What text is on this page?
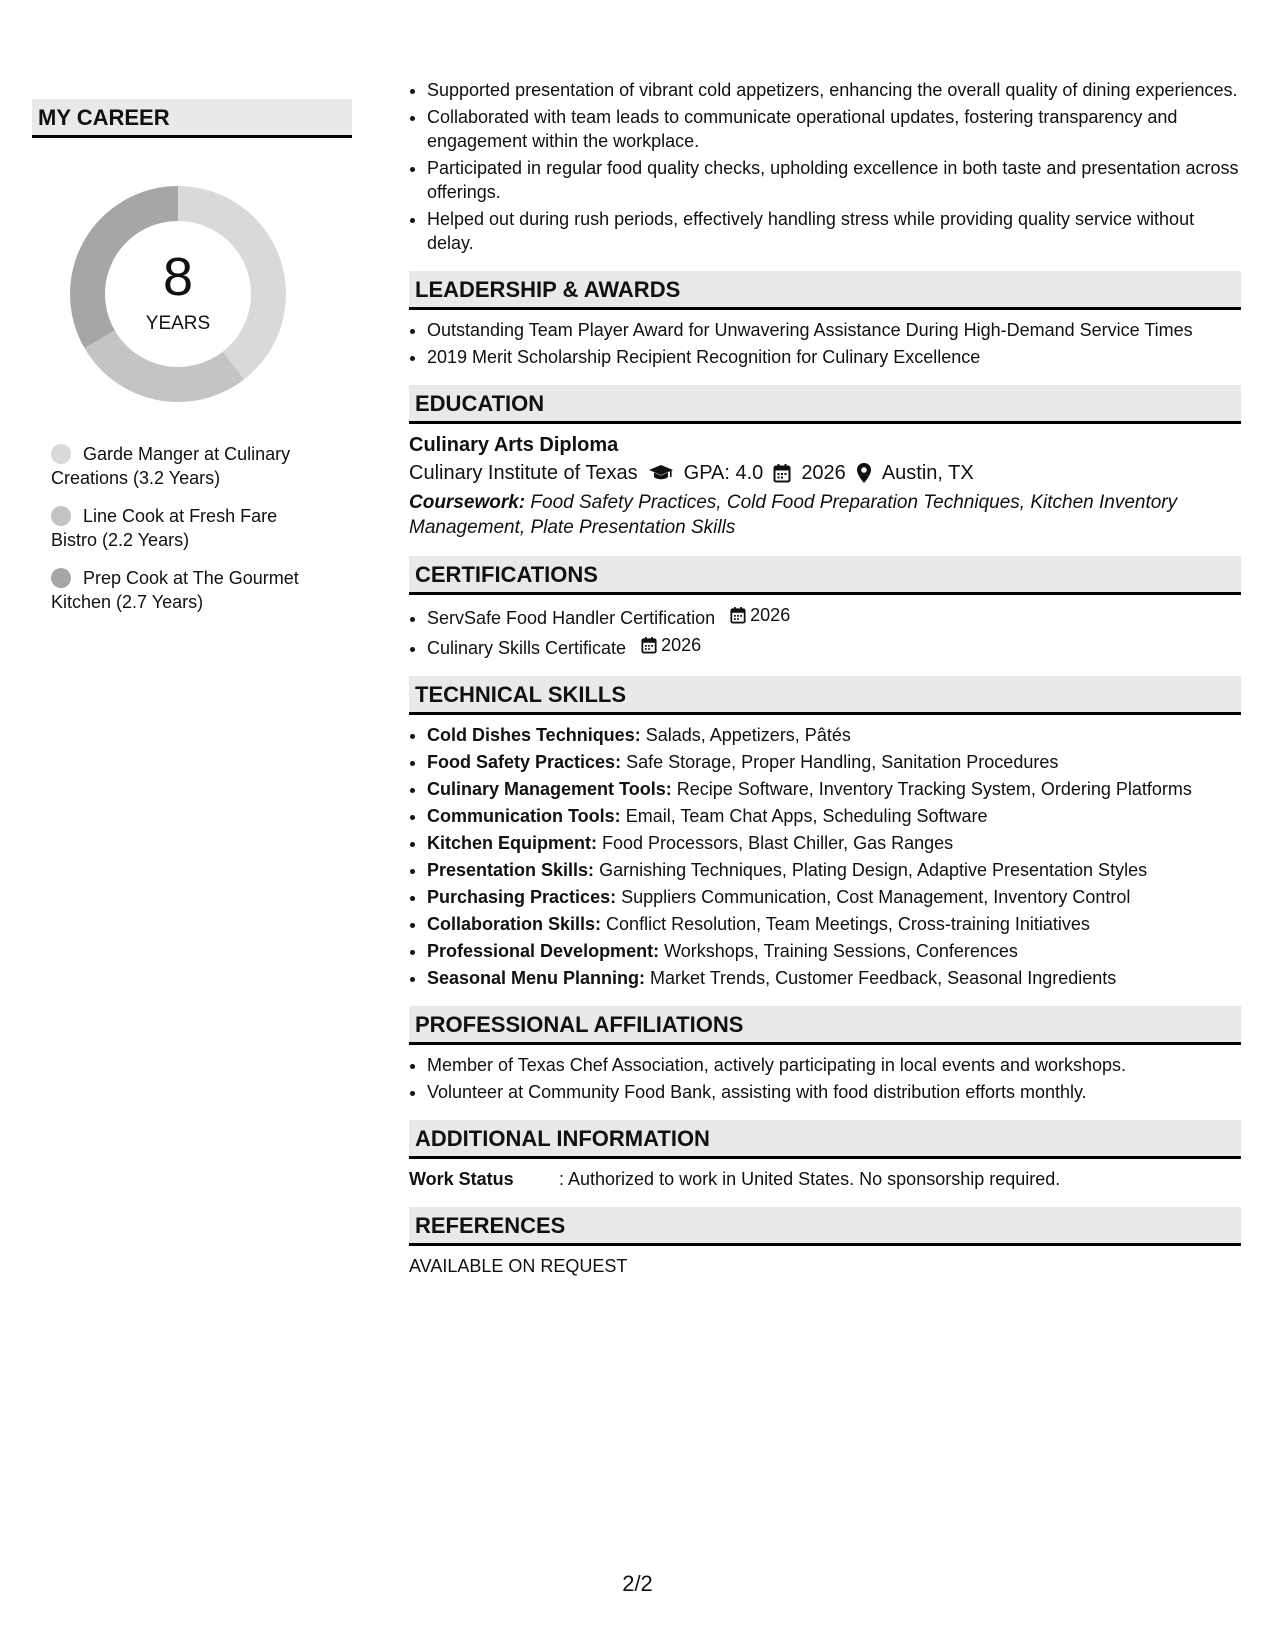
MY CAREER
8
YEARS
Garde Manger at Culinary Creations (3.2 Years)
Line Cook at Fresh Fare Bistro (2.2 Years)
Prep Cook at The Gourmet Kitchen (2.7 Years)
• Supported presentation of vibrant cold appetizers, enhancing the overall quality of dining experiences.
• Collaborated with team leads to communicate operational updates, fostering transparency and engagement within the workplace.
• Participated in regular food quality checks, upholding excellence in both taste and presentation across offerings.
• Helped out during rush periods, effectively handling stress while providing quality service without delay.
LEADERSHIP & AWARDS
• Outstanding Team Player Award for Unwavering Assistance During High-Demand Service Times
• 2019 Merit Scholarship Recipient Recognition for Culinary Excellence
EDUCATION
Culinary Arts Diploma
Culinary Institute of Texas GPA: 4.0 2026 Austin, TX
Coursework: Food Safety Practices, Cold Food Preparation Techniques, Kitchen Inventory Management, Plate Presentation Skills
CERTIFICATIONS
• ServSafe Food Handler Certification 2026
• Culinary Skills Certificate 2026
TECHNICAL SKILLS
• Cold Dishes Techniques: Salads, Appetizers, Pâtés
• Food Safety Practices: Safe Storage, Proper Handling, Sanitation Procedures
• Culinary Management Tools: Recipe Software, Inventory Tracking System, Ordering Platforms
• Communication Tools: Email, Team Chat Apps, Scheduling Software
• Kitchen Equipment: Food Processors, Blast Chiller, Gas Ranges
• Presentation Skills: Garnishing Techniques, Plating Design, Adaptive Presentation Styles
• Purchasing Practices: Suppliers Communication, Cost Management, Inventory Control
• Collaboration Skills: Conflict Resolution, Team Meetings, Cross-training Initiatives
• Professional Development: Workshops, Training Sessions, Conferences
• Seasonal Menu Planning: Market Trends, Customer Feedback, Seasonal Ingredients
PROFESSIONAL AFFILIATIONS
• Member of Texas Chef Association, actively participating in local events and workshops.
• Volunteer at Community Food Bank, assisting with food distribution efforts monthly.
ADDITIONAL INFORMATION
Work Status	: Authorized to work in United States. No sponsorship required.
REFERENCES
AVAILABLE ON REQUEST
2/2
